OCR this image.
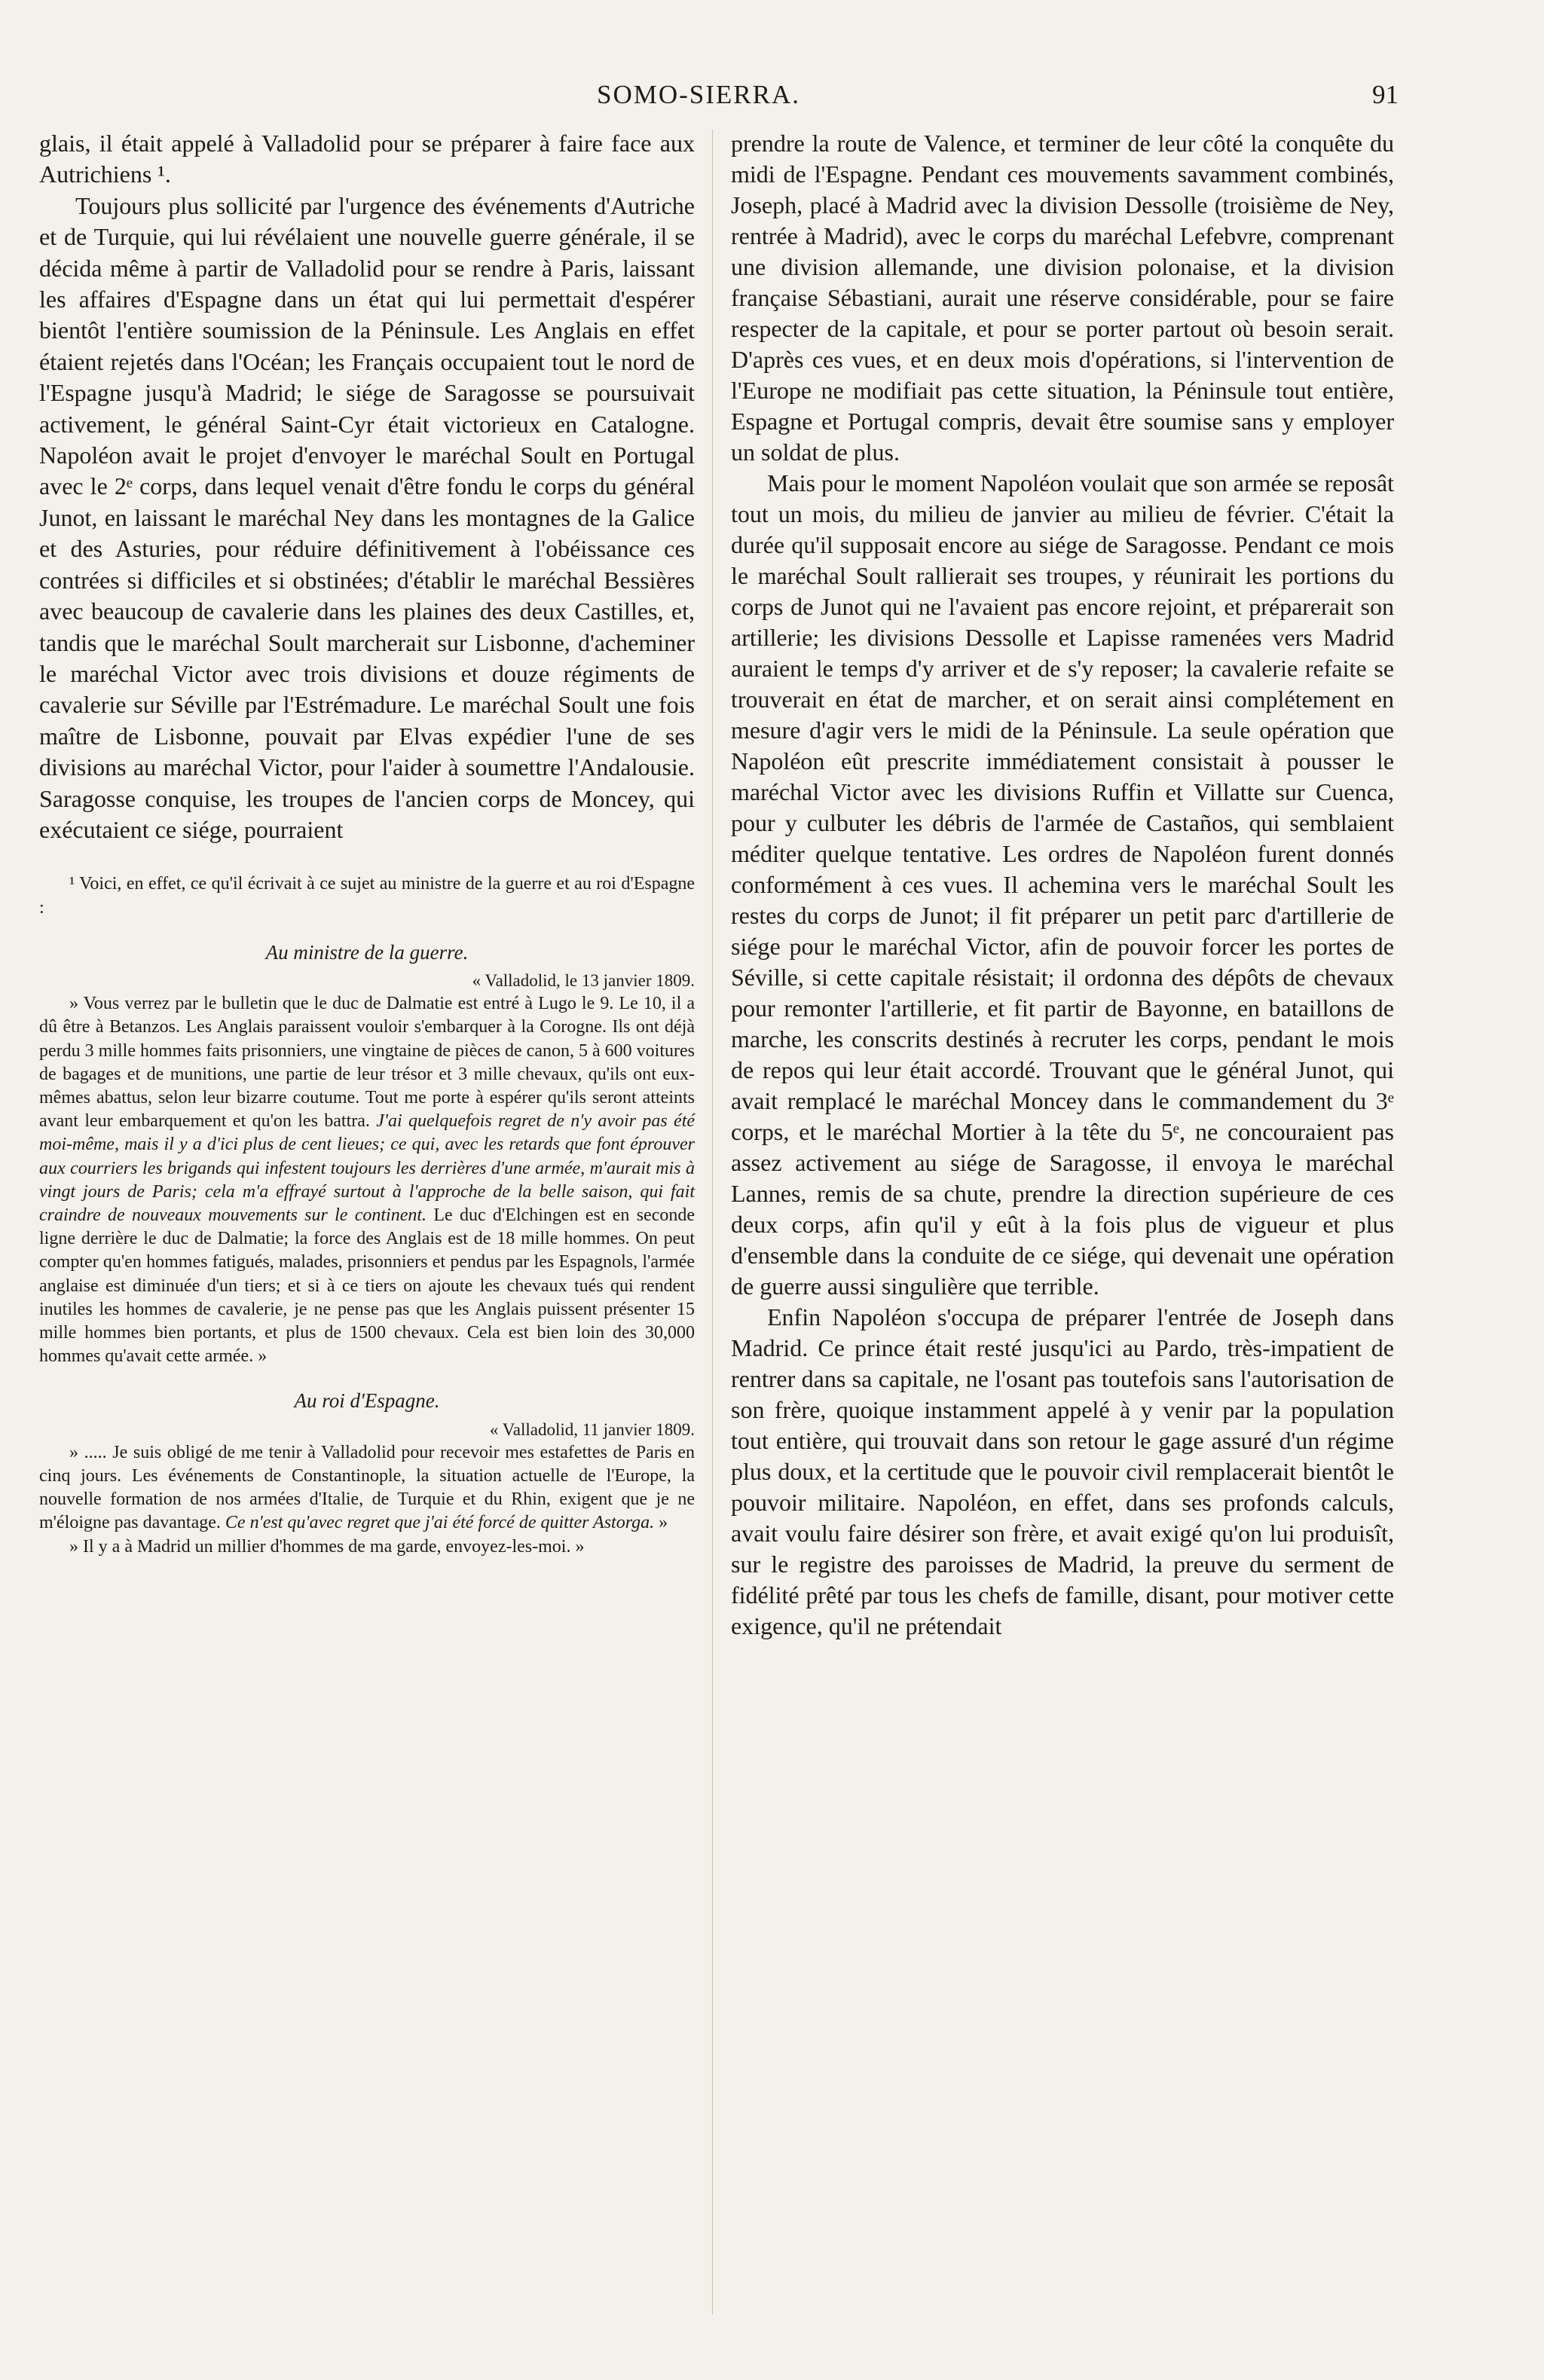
SOMO-SIERRA.	91

glais, il était appelé à Valladolid pour se préparer à faire face aux Autrichiens ¹.

Toujours plus sollicité par l'urgence des événements d'Autriche et de Turquie, qui lui révélaient une nouvelle guerre générale, il se décida même à partir de Valladolid pour se rendre à Paris, laissant les affaires d'Espagne dans un état qui lui permettait d'espérer bientôt l'entière soumission de la Péninsule. Les Anglais en effet étaient rejetés dans l'Océan; les Français occupaient tout le nord de l'Espagne jusqu'à Madrid; le siége de Saragosse se poursuivait activement, le général Saint-Cyr était victorieux en Catalogne. Napoléon avait le projet d'envoyer le maréchal Soult en Portugal avec le 2ᵉ corps, dans lequel venait d'être fondu le corps du général Junot, en laissant le maréchal Ney dans les montagnes de la Galice et des Asturies, pour réduire définitivement à l'obéissance ces contrées si difficiles et si obstinées; d'établir le maréchal Bessières avec beaucoup de cavalerie dans les plaines des deux Castilles, et, tandis que le maréchal Soult marcherait sur Lisbonne, d'acheminer le maréchal Victor avec trois divisions et douze régiments de cavalerie sur Séville par l'Estrémadure. Le maréchal Soult une fois maître de Lisbonne, pouvait par Elvas expédier l'une de ses divisions au maréchal Victor, pour l'aider à soumettre l'Andalousie. Saragosse conquise, les troupes de l'ancien corps de Moncey, qui exécutaient ce siége, pourraient

¹ Voici, en effet, ce qu'il écrivait à ce sujet au ministre de la guerre et au roi d'Espagne :

Au ministre de la guerre.

« Valladolid, le 13 janvier 1809.

» Vous verrez par le bulletin que le duc de Dalmatie est entré à Lugo le 9. Le 10, il a dû être à Betanzos. Les Anglais paraissent vouloir s'embarquer à la Corogne. Ils ont déjà perdu 3 mille hommes faits prisonniers, une vingtaine de pièces de canon, 5 à 600 voitures de bagages et de munitions, une partie de leur trésor et 3 mille chevaux, qu'ils ont eux-mêmes abattus, selon leur bizarre coutume. Tout me porte à espérer qu'ils seront atteints avant leur embarquement et qu'on les battra. J'ai quelquefois regret de n'y avoir pas été moi-même, mais il y a d'ici plus de cent lieues; ce qui, avec les retards que font éprouver aux courriers les brigands qui infestent toujours les derrières d'une armée, m'aurait mis à vingt jours de Paris; cela m'a effrayé surtout à l'approche de la belle saison, qui fait craindre de nouveaux mouvements sur le continent. Le duc d'Elchingen est en seconde ligne derrière le duc de Dalmatie; la force des Anglais est de 18 mille hommes. On peut compter qu'en hommes fatigués, malades, prisonniers et pendus par les Espagnols, l'armée anglaise est diminuée d'un tiers; et si à ce tiers on ajoute les chevaux tués qui rendent inutiles les hommes de cavalerie, je ne pense pas que les Anglais puissent présenter 15 mille hommes bien portants, et plus de 1500 chevaux. Cela est bien loin des 30,000 hommes qu'avait cette armée. »

Au roi d'Espagne.

« Valladolid, 11 janvier 1809.

» ..... Je suis obligé de me tenir à Valladolid pour recevoir mes estafettes de Paris en cinq jours. Les événements de Constantinople, la situation actuelle de l'Europe, la nouvelle formation de nos armées d'Italie, de Turquie et du Rhin, exigent que je ne m'éloigne pas davantage. Ce n'est qu'avec regret que j'ai été forcé de quitter Astorga. »

» Il y a à Madrid un millier d'hommes de ma garde, envoyez-les-moi. »

prendre la route de Valence, et terminer de leur côté la conquête du midi de l'Espagne. Pendant ces mouvements savamment combinés, Joseph, placé à Madrid avec la division Dessolle (troisième de Ney, rentrée à Madrid), avec le corps du maréchal Lefebvre, comprenant une division allemande, une division polonaise, et la division française Sébastiani, aurait une réserve considérable, pour se faire respecter de la capitale, et pour se porter partout où besoin serait. D'après ces vues, et en deux mois d'opérations, si l'intervention de l'Europe ne modifiait pas cette situation, la Péninsule tout entière, Espagne et Portugal compris, devait être soumise sans y employer un soldat de plus.

Mais pour le moment Napoléon voulait que son armée se reposât tout un mois, du milieu de janvier au milieu de février. C'était la durée qu'il supposait encore au siége de Saragosse. Pendant ce mois le maréchal Soult rallierait ses troupes, y réunirait les portions du corps de Junot qui ne l'avaient pas encore rejoint, et préparerait son artillerie; les divisions Dessolle et Lapisse ramenées vers Madrid auraient le temps d'y arriver et de s'y reposer; la cavalerie refaite se trouverait en état de marcher, et on serait ainsi complétement en mesure d'agir vers le midi de la Péninsule. La seule opération que Napoléon eût prescrite immédiatement consistait à pousser le maréchal Victor avec les divisions Ruffin et Villatte sur Cuenca, pour y culbuter les débris de l'armée de Castaños, qui semblaient méditer quelque tentative. Les ordres de Napoléon furent donnés conformément à ces vues. Il achemina vers le maréchal Soult les restes du corps de Junot; il fit préparer un petit parc d'artillerie de siége pour le maréchal Victor, afin de pouvoir forcer les portes de Séville, si cette capitale résistait; il ordonna des dépôts de chevaux pour remonter l'artillerie, et fit partir de Bayonne, en bataillons de marche, les conscrits destinés à recruter les corps, pendant le mois de repos qui leur était accordé. Trouvant que le général Junot, qui avait remplacé le maréchal Moncey dans le commandement du 3ᵉ corps, et le maréchal Mortier à la tête du 5ᵉ, ne concouraient pas assez activement au siége de Saragosse, il envoya le maréchal Lannes, remis de sa chute, prendre la direction supérieure de ces deux corps, afin qu'il y eût à la fois plus de vigueur et plus d'ensemble dans la conduite de ce siége, qui devenait une opération de guerre aussi singulière que terrible.

Enfin Napoléon s'occupa de préparer l'entrée de Joseph dans Madrid. Ce prince était resté jusqu'ici au Pardo, très-impatient de rentrer dans sa capitale, ne l'osant pas toutefois sans l'autorisation de son frère, quoique instamment appelé à y venir par la population tout entière, qui trouvait dans son retour le gage assuré d'un régime plus doux, et la certitude que le pouvoir civil remplacerait bientôt le pouvoir militaire. Napoléon, en effet, dans ses profonds calculs, avait voulu faire désirer son frère, et avait exigé qu'on lui produisît, sur le registre des paroisses de Madrid, la preuve du serment de fidélité prêté par tous les chefs de famille, disant, pour motiver cette exigence, qu'il ne prétendait
